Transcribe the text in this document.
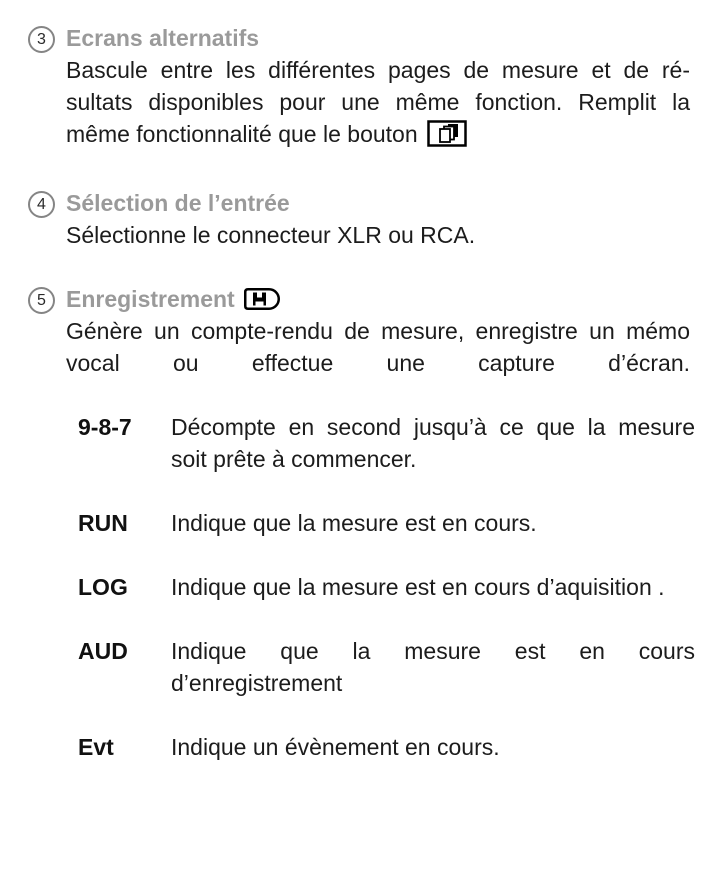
3 Ecrans alternatifs
Bascule entre les différentes pages de mesure et de ré-
sultats disponibles pour une même fonction. Remplit la
même fonctionnalité que le bouton
4 Sélection de l’entrée
Sélectionne le connecteur XLR ou RCA.
5 Enregistrement
Génère un compte-rendu de mesure, enregistre un mémo
vocal ou effectue une capture d’écran.
9-8-7	Décompte en second jusqu’à ce que la mesure
soit prête à commencer.
RUN	Indique que la mesure est en cours.
LOG	Indique que la mesure est en cours d’aquisition .
AUD	Indique que la mesure est en cours
d’enregistrement
Evt	Indique un évènement en cours.
